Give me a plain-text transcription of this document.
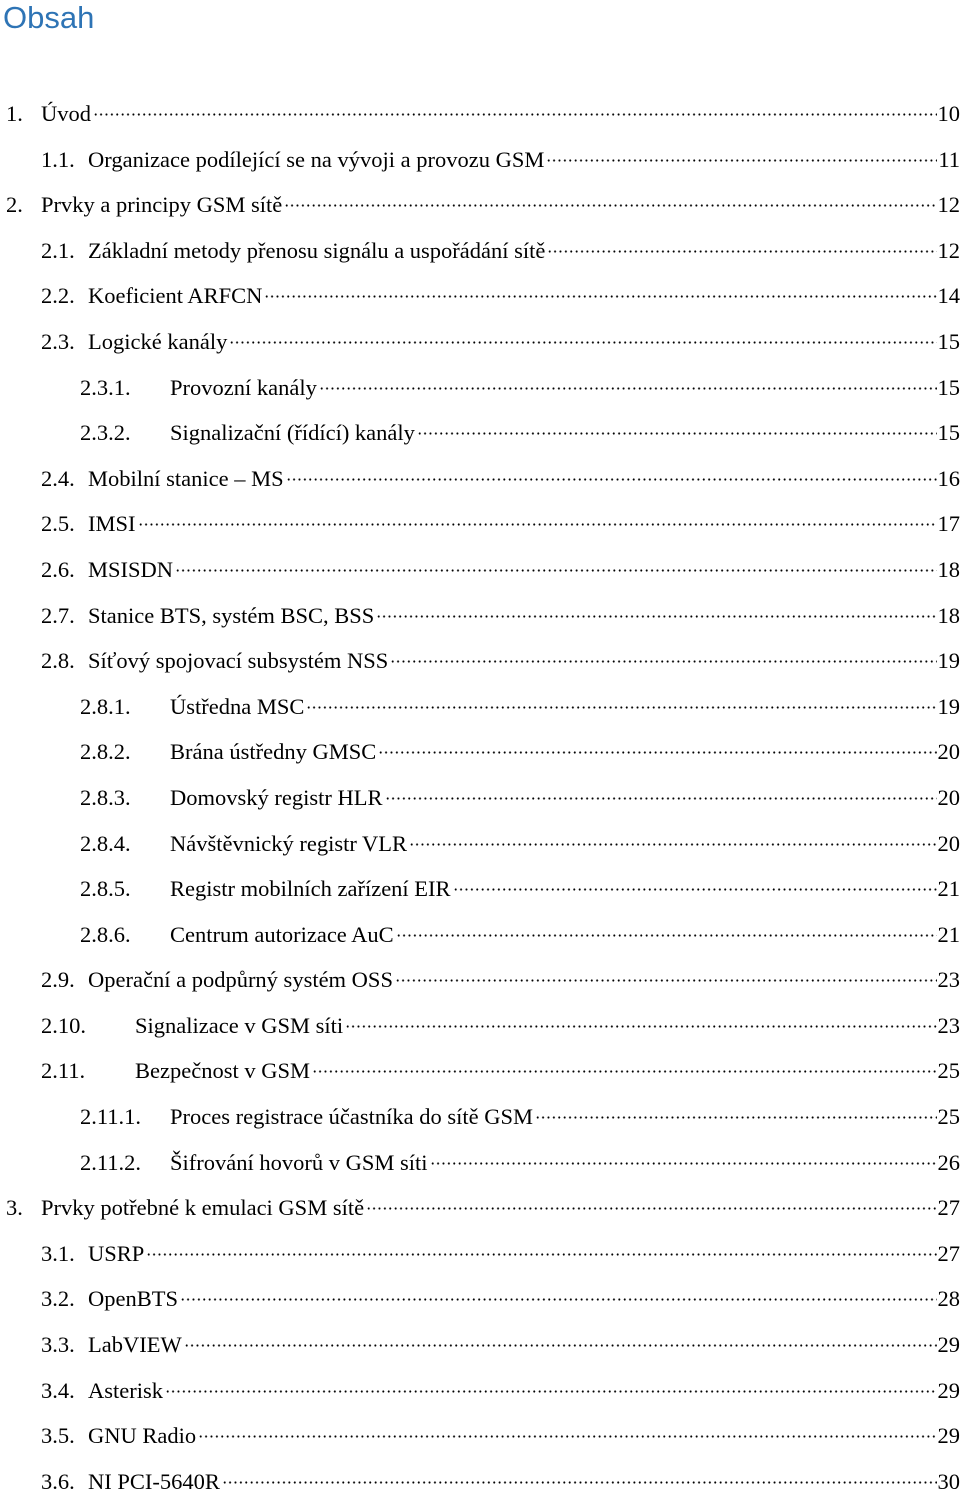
Obsah
1. Úvod	10
1.1. Organizace podílející se na vývoji a provozu GSM	11
2. Prvky a principy GSM sítě	12
2.1. Základní metody přenosu signálu a uspořádání sítě	12
2.2. Koeficient ARFCN	14
2.3. Logické kanály	15
2.3.1.	Provozní kanály	15
2.3.2.	Signalizační (řídící) kanály	15
2.4. Mobilní stanice – MS	16
2.5. IMSI	17
2.6. MSISDN	18
2.7. Stanice BTS, systém BSC, BSS	18
2.8. Síťový spojovací subsystém NSS	19
2.8.1.	Ústředna MSC	19
2.8.2.	Brána ústředny GMSC	20
2.8.3.	Domovský registr HLR	20
2.8.4.	Návštěvnický registr VLR	20
2.8.5.	Registr mobilních zařízení EIR	21
2.8.6.	Centrum autorizace AuC	21
2.9. Operační a podpůrný systém OSS	23
2.10.	Signalizace v GSM síti	23
2.11.	Bezpečnost v GSM	25
2.11.1.	Proces registrace účastníka do sítě GSM	25
2.11.2.	Šifrování hovorů v GSM síti	26
3. Prvky potřebné k emulaci GSM sítě	27
3.1. USRP	27
3.2. OpenBTS	28
3.3. LabVIEW	29
3.4. Asterisk	29
3.5. GNU Radio	29
3.6. NI PCI-5640R	30
